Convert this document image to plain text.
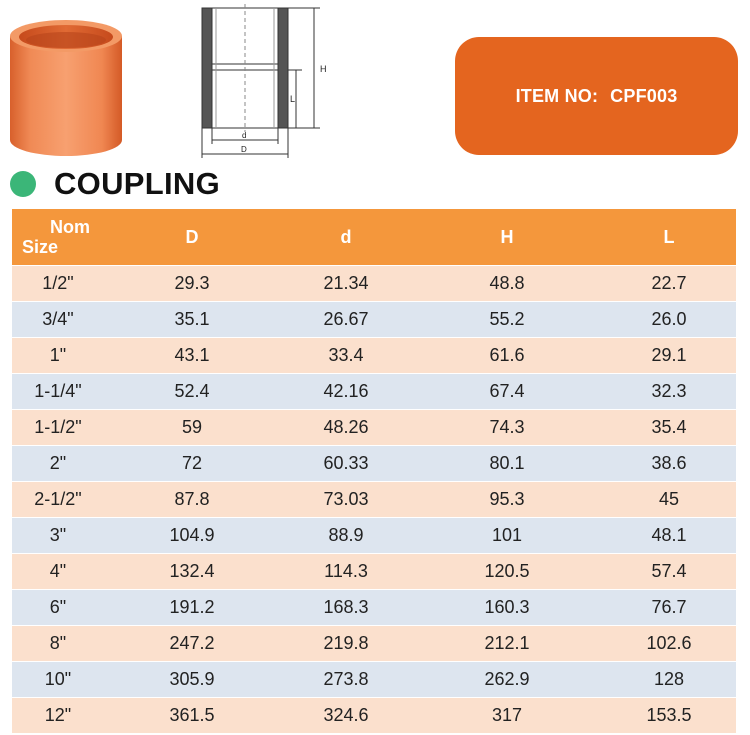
H
L
d
D
ITEM NO: CPF003
COUPLING
Nom
Size	D	d	H	L
1/2"	29.3	21.34	48.8	22.7
3/4"	35.1	26.67	55.2	26.0
1"	43.1	33.4	61.6	29.1
1-1/4"	52.4	42.16	67.4	32.3
1-1/2"	59	48.26	74.3	35.4
2"	72	60.33	80.1	38.6
2-1/2"	87.8	73.03	95.3	45
3"	104.9	88.9	101	48.1
4"	132.4	114.3	120.5	57.4
6"	191.2	168.3	160.3	76.7
8"	247.2	219.8	212.1	102.6
10"	305.9	273.8	262.9	128
12"	361.5	324.6	317	153.5
